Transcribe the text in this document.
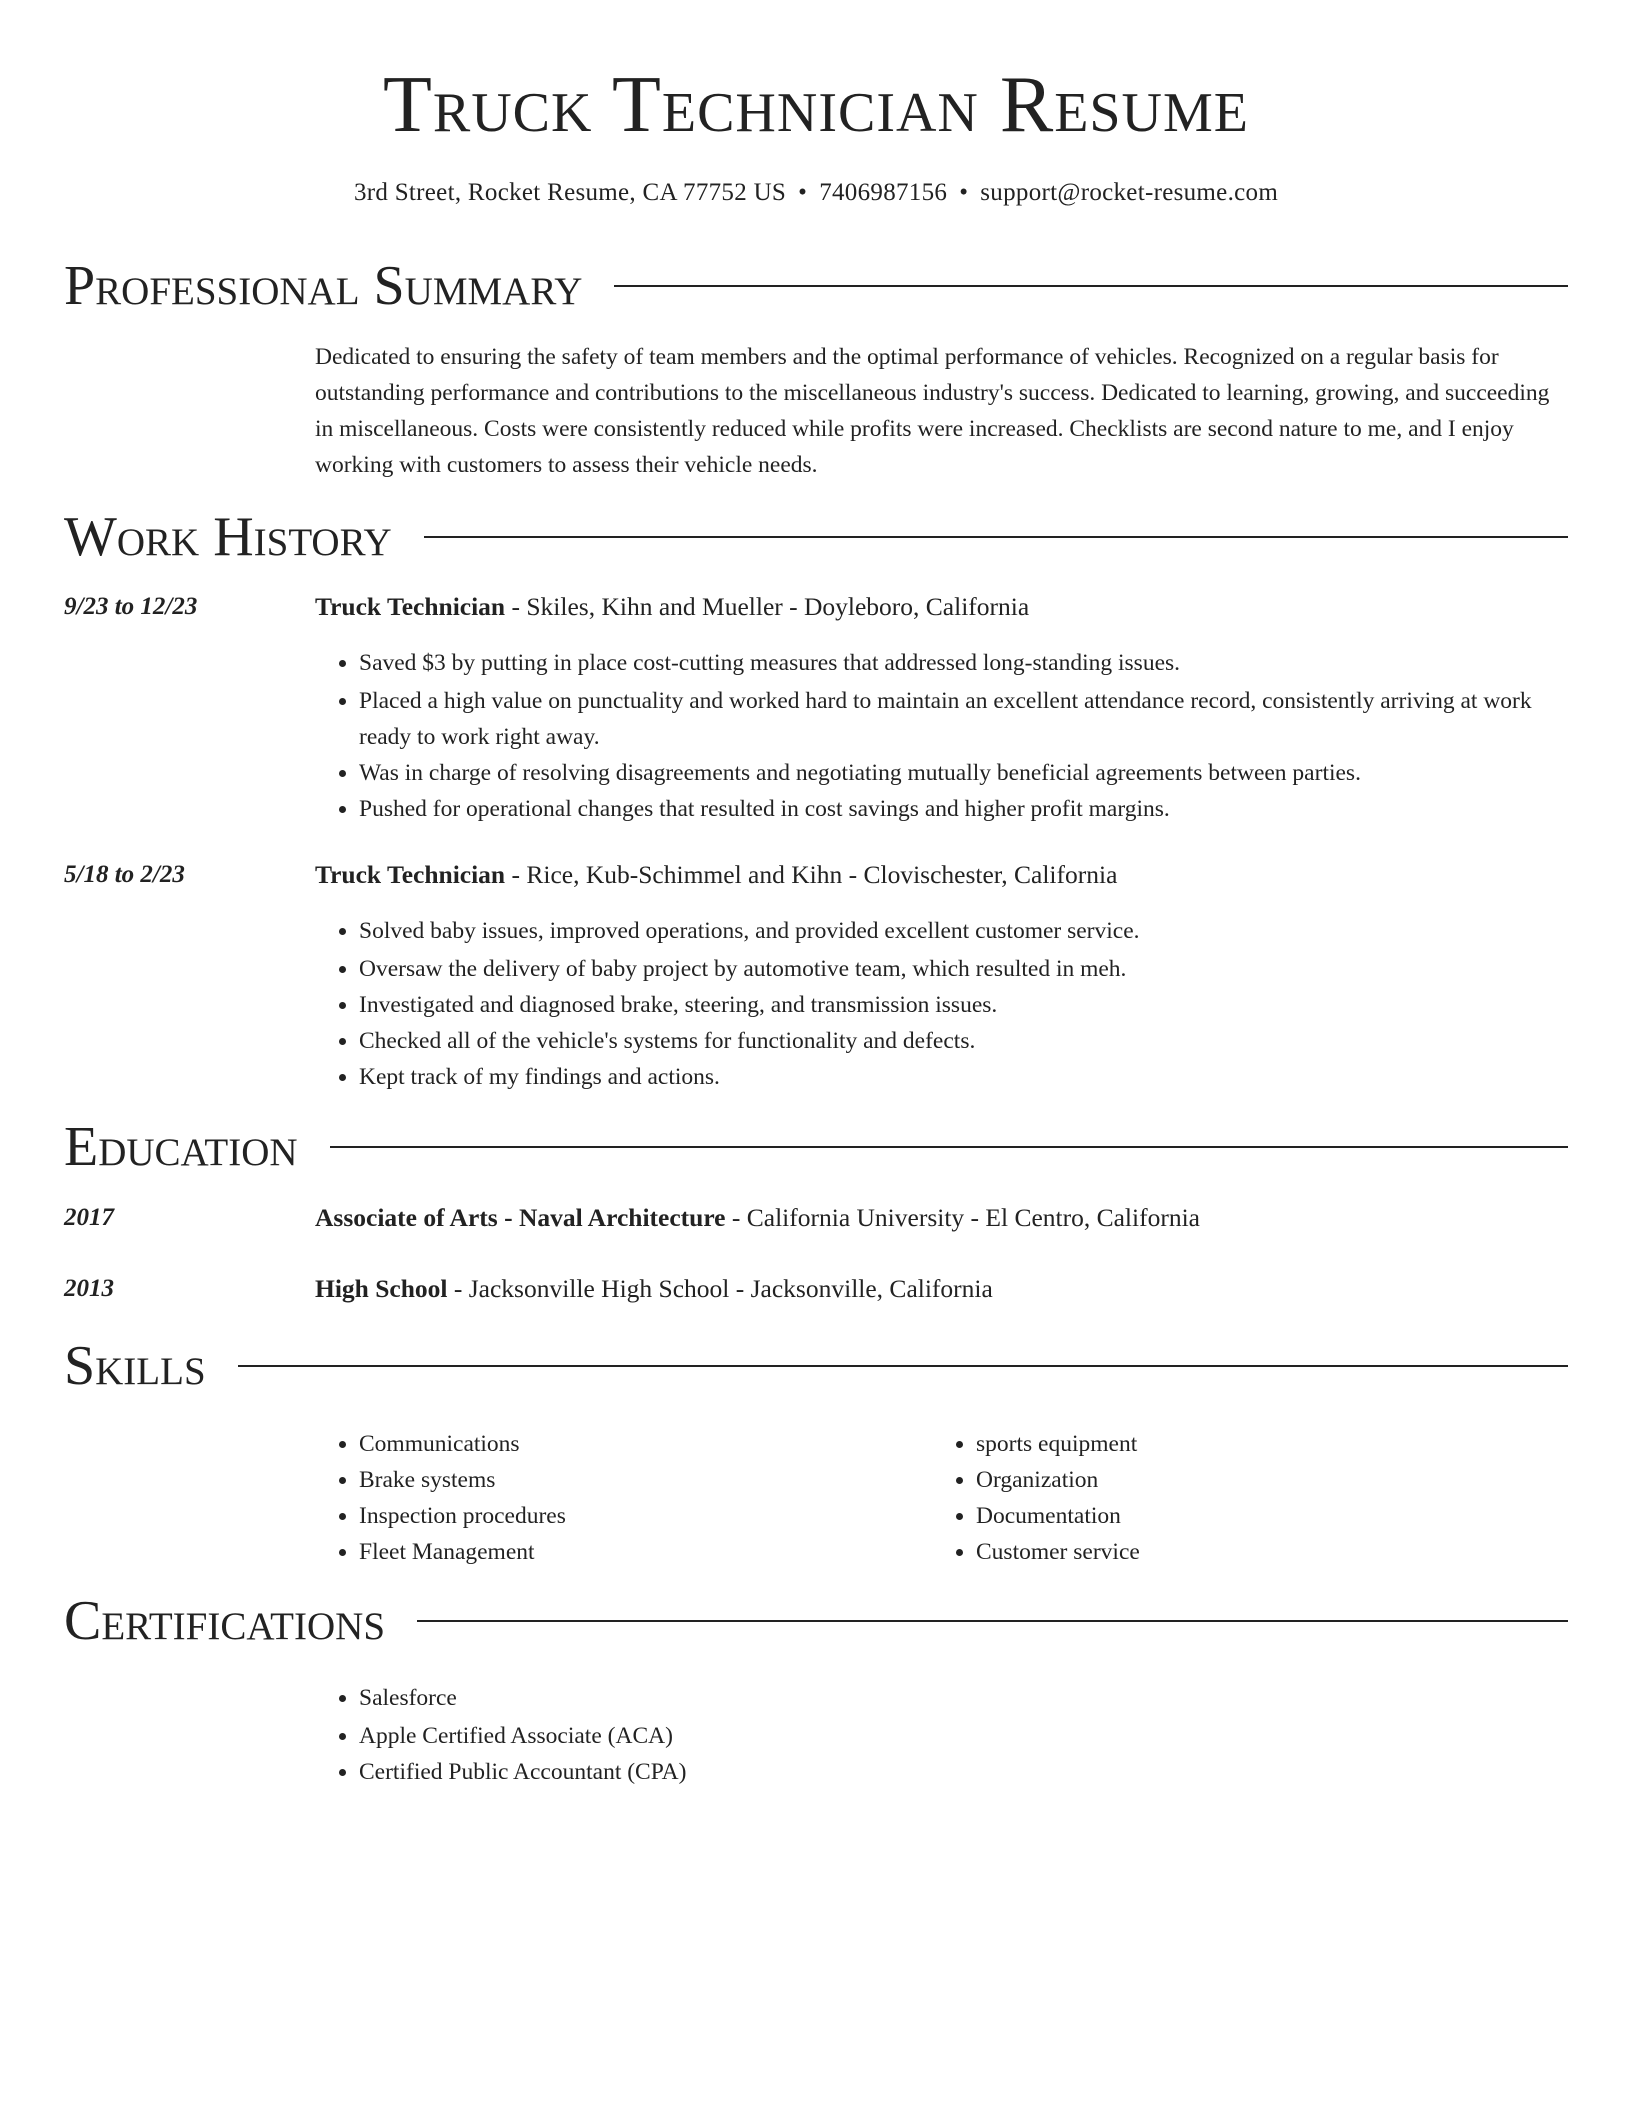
Truck Technician Resume
3rd Street, Rocket Resume, CA 77752 US • 7406987156 • support@rocket-resume.com
Professional Summary

Dedicated to ensuring the safety of team members and the optimal performance of vehicles. Recognized on a regular basis for outstanding performance and contributions to the miscellaneous industry's success. Dedicated to learning, growing, and succeeding in miscellaneous. Costs were consistently reduced while profits were increased. Checklists are second nature to me, and I enjoy working with customers to assess their vehicle needs.

Work History
9/23 to 12/23	Truck Technician - Skiles, Kihn and Mueller - Doyleboro, California
• Saved $3 by putting in place cost-cutting measures that addressed long-standing issues.
• Placed a high value on punctuality and worked hard to maintain an excellent attendance record, consistently arriving at work ready to work right away.
• Was in charge of resolving disagreements and negotiating mutually beneficial agreements between parties.
• Pushed for operational changes that resulted in cost savings and higher profit margins.
5/18 to 2/23	Truck Technician - Rice, Kub-Schimmel and Kihn - Clovischester, California
• Solved baby issues, improved operations, and provided excellent customer service.
• Oversaw the delivery of baby project by automotive team, which resulted in meh.
• Investigated and diagnosed brake, steering, and transmission issues.
• Checked all of the vehicle's systems for functionality and defects.
• Kept track of my findings and actions.
Education
2017	Associate of Arts - Naval Architecture - California University - El Centro, California
2013	High School - Jacksonville High School - Jacksonville, California
Skills
• Communications
• Brake systems
• Inspection procedures
• Fleet Management
• sports equipment
• Organization
• Documentation
• Customer service
Certifications
• Salesforce
• Apple Certified Associate (ACA)
• Certified Public Accountant (CPA)
